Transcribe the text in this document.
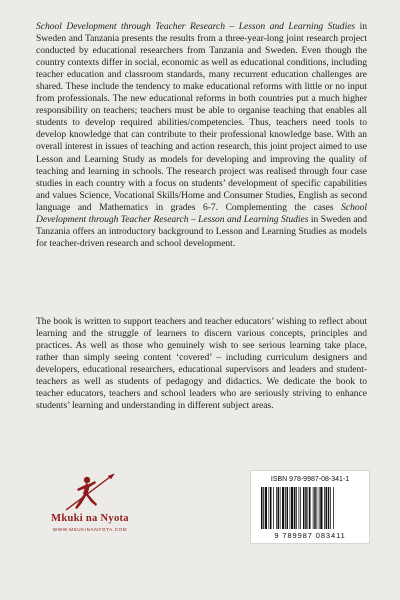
School Development through Teacher Research – Lesson and Learning Studies in Sweden and Tanzania presents the results from a three-year-long joint research project conducted by educational researchers from Tanzania and Sweden. Even though the country contexts differ in social, economic as well as educational conditions, including teacher education and classroom standards, many recurrent education challenges are shared. These include the tendency to make educational reforms with little or no input from professionals. The new educational reforms in both countries put a much higher responsibility on teachers; teachers must be able to organise teaching that enables all students to develop required abilities/competencies. Thus, teachers need tools to develop knowledge that can contribute to their professional knowledge base. With an overall interest in issues of teaching and action research, this joint project aimed to use Lesson and Learning Study as models for developing and improving the quality of teaching and learning in schools. The research project was realised through four case studies in each country with a focus on students’ development of specific capabilities and values Science, Vocational Skills/Home and Consumer Studies, English as second language and Mathematics in grades 6-7. Complementing the cases School Development through Teacher Research – Lesson and Learning Studies in Sweden and Tanzania offers an introductory background to Lesson and Learning Studies as models for teacher-driven research and school development.

The book is written to support teachers and teacher educators’ wishing to reflect about learning and the struggle of learners to discern various concepts, principles and practices. As well as those who genuinely wish to see serious learning take place, rather than simply seeing content ‘covered’ – including curriculum designers and developers, educational researchers, educational supervisors and leaders and student-teachers as well as students of pedagogy and didactics. We dedicate the book to teacher educators, teachers and school leaders who are seriously striving to enhance students’ learning and understanding in different subject areas.

Mkuki na Nyota
WWW.MKUKINANYOTA.COM
ISBN 978-9987-08-341-1
9 789987 083411
